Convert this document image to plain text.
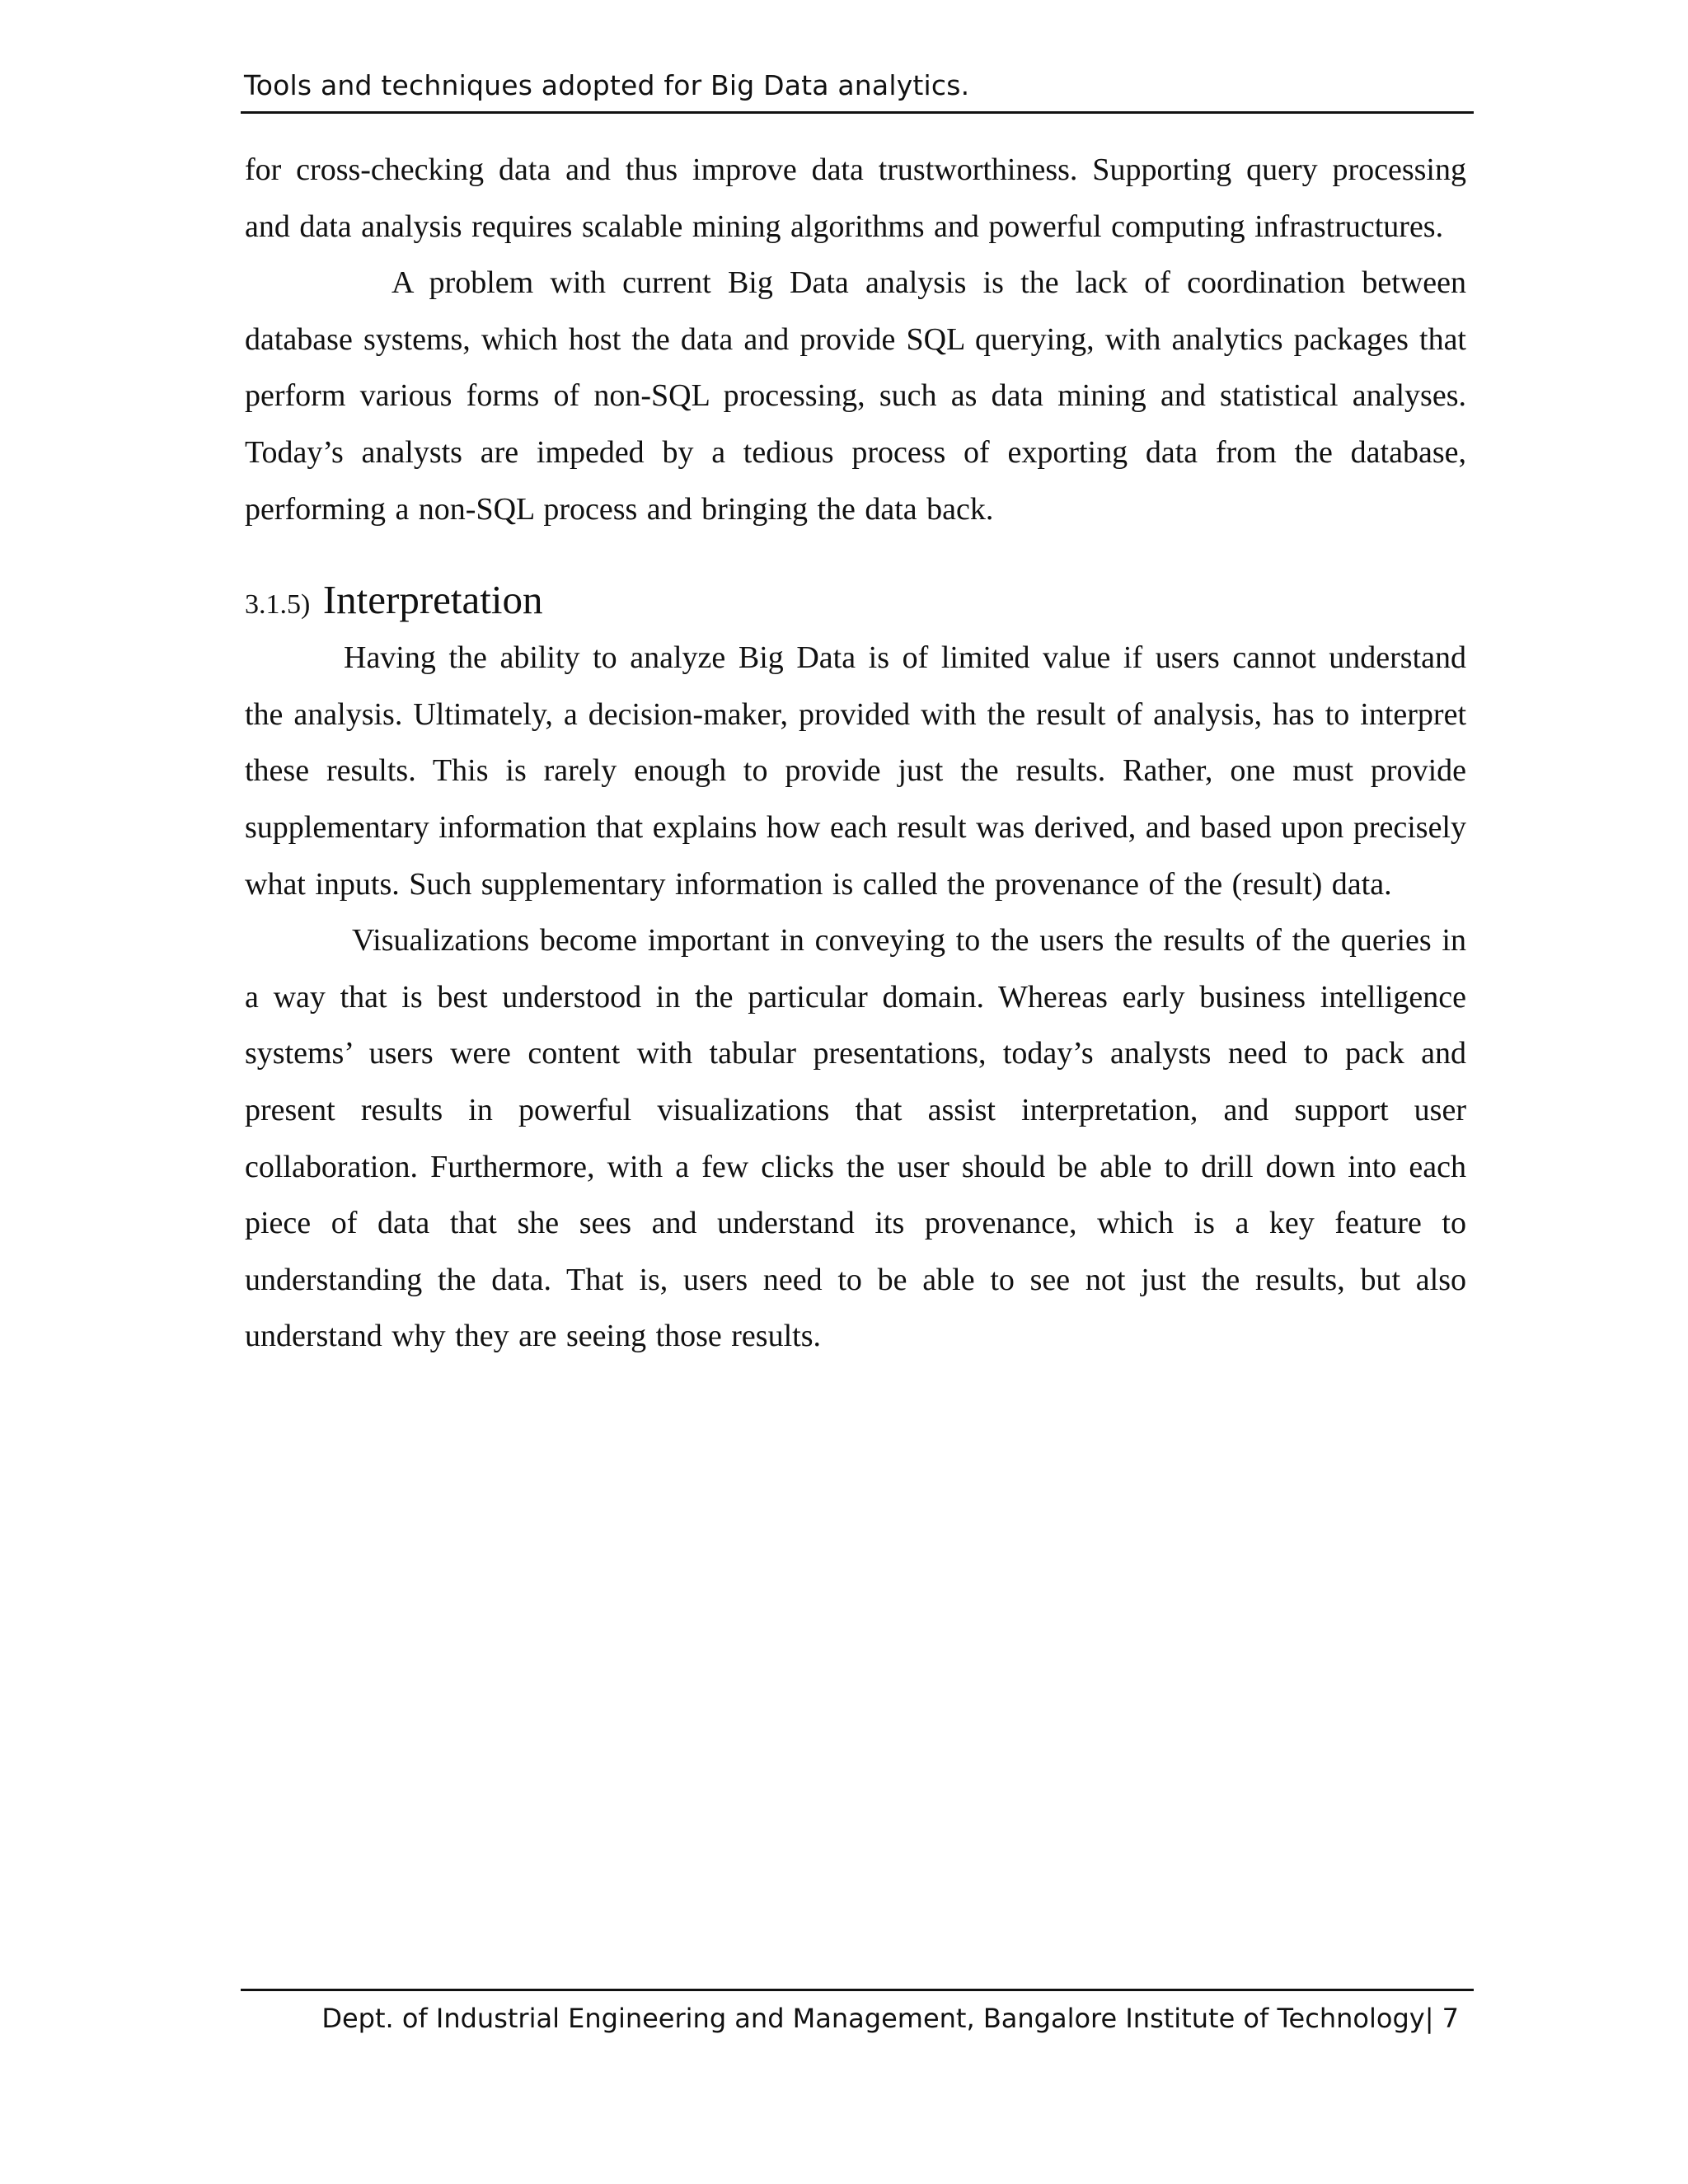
Tools and techniques adopted for Big Data analytics.

for cross-checking data and thus improve data trustworthiness. Supporting query processing and data analysis requires scalable mining algorithms and powerful computing infrastructures.

A problem with current Big Data analysis is the lack of coordination between database systems, which host the data and provide SQL querying, with analytics packages that perform various forms of non-SQL processing, such as data mining and statistical analyses. Today’s analysts are impeded by a tedious process of exporting data from the database, performing a non-SQL process and bringing the data back.

3.1.5) Interpretation

Having the ability to analyze Big Data is of limited value if users cannot understand the analysis. Ultimately, a decision-maker, provided with the result of analysis, has to interpret these results. This is rarely enough to provide just the results. Rather, one must provide supplementary information that explains how each result was derived, and based upon precisely what inputs. Such supplementary information is called the provenance of the (result) data.

Visualizations become important in conveying to the users the results of the queries in a way that is best understood in the particular domain. Whereas early business intelligence systems’ users were content with tabular presentations, today’s analysts need to pack and present results in powerful visualizations that assist interpretation, and support user collaboration. Furthermore, with a few clicks the user should be able to drill down into each piece of data that she sees and understand its provenance, which is a key feature to understanding the data. That is, users need to be able to see not just the results, but also understand why they are seeing those results.

Dept. of Industrial Engineering and Management, Bangalore Institute of Technology| 7
